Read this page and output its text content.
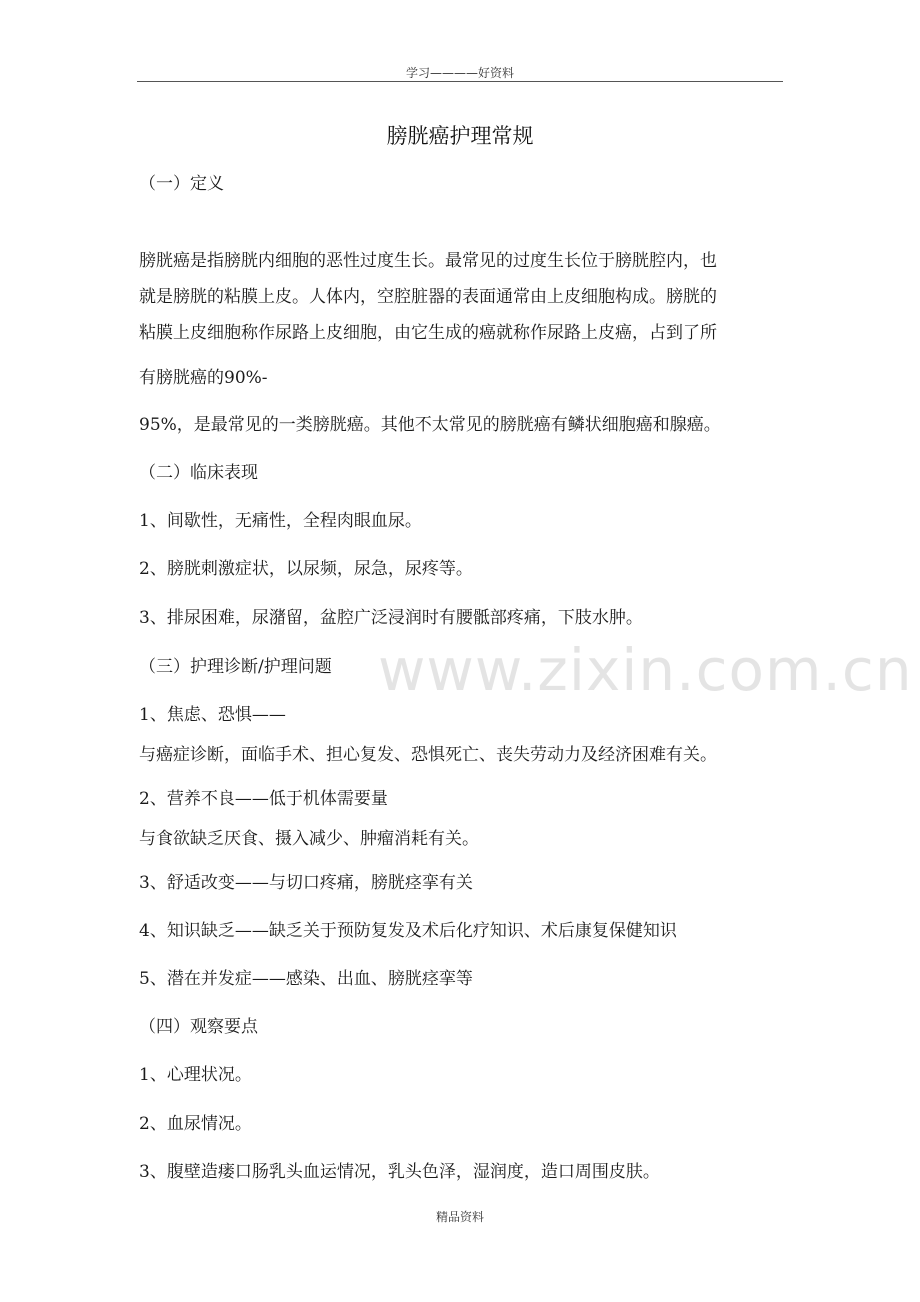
学习————好资料
膀胱癌护理常规
www.zixin.com.cn
（一）定义
膀胱癌是指膀胱内细胞的恶性过度生长。最常见的过度生长位于膀胱腔内，也
就是膀胱的粘膜上皮。人体内，空腔脏器的表面通常由上皮细胞构成。膀胱的
粘膜上皮细胞称作尿路上皮细胞，由它生成的癌就称作尿路上皮癌，占到了所
有膀胱癌的90%-
95%，是最常见的一类膀胱癌。其他不太常见的膀胱癌有鳞状细胞癌和腺癌。
（二）临床表现
1、间歇性，无痛性，全程肉眼血尿。
2、膀胱刺激症状，以尿频，尿急，尿疼等。
3、排尿困难，尿潴留，盆腔广泛浸润时有腰骶部疼痛，下肢水肿。
（三）护理诊断/护理问题
1、焦虑、恐惧——
与癌症诊断，面临手术、担心复发、恐惧死亡、丧失劳动力及经济困难有关。
2、营养不良——低于机体需要量
与食欲缺乏厌食、摄入减少、肿瘤消耗有关。
3、舒适改变——与切口疼痛，膀胱痉挛有关
4、知识缺乏——缺乏关于预防复发及术后化疗知识、术后康复保健知识
5、潜在并发症——感染、出血、膀胱痉挛等
（四）观察要点
1、心理状况。
2、血尿情况。
3、腹壁造瘘口肠乳头血运情况，乳头色泽，湿润度，造口周围皮肤。
精品资料
